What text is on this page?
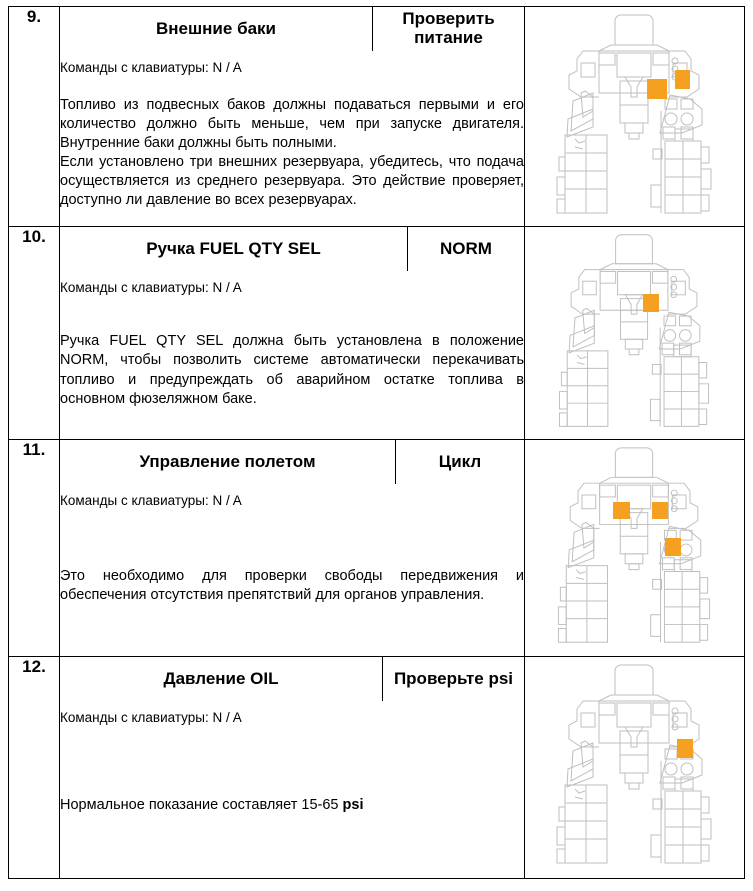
9.	
Внешние баки	Проверить питание
Команды с клавиатуры: N / A
Топливо из подвесных баков должны подаваться первыми и его количество должно быть меньше, чем при запуске двигателя. Внутренние баки должны быть полными.
Если установлено три внешних резервуара, убедитесь, что подача осуществляется из среднего резервуара. Это действие проверяет, доступно ли давление во всех резервуарах.

10.	
Ручка FUEL QTY SEL	NORM
Команды с клавиатуры: N / A
Ручка FUEL QTY SEL должна быть установлена в положение NORM, чтобы позволить системе автоматически перекачивать топливо и предупреждать об аварийном остатке топлива в основном фюзеляжном баке.

11.	
Управление полетом	Цикл
Команды с клавиатуры: N / A
Это необходимо для проверки свободы передвижения и обеспечения отсутствия препятствий для органов управления.

12.	
Давление OIL	Проверьте psi
Команды с клавиатуры: N / A
Нормальное показание составляет 15-65 psi
